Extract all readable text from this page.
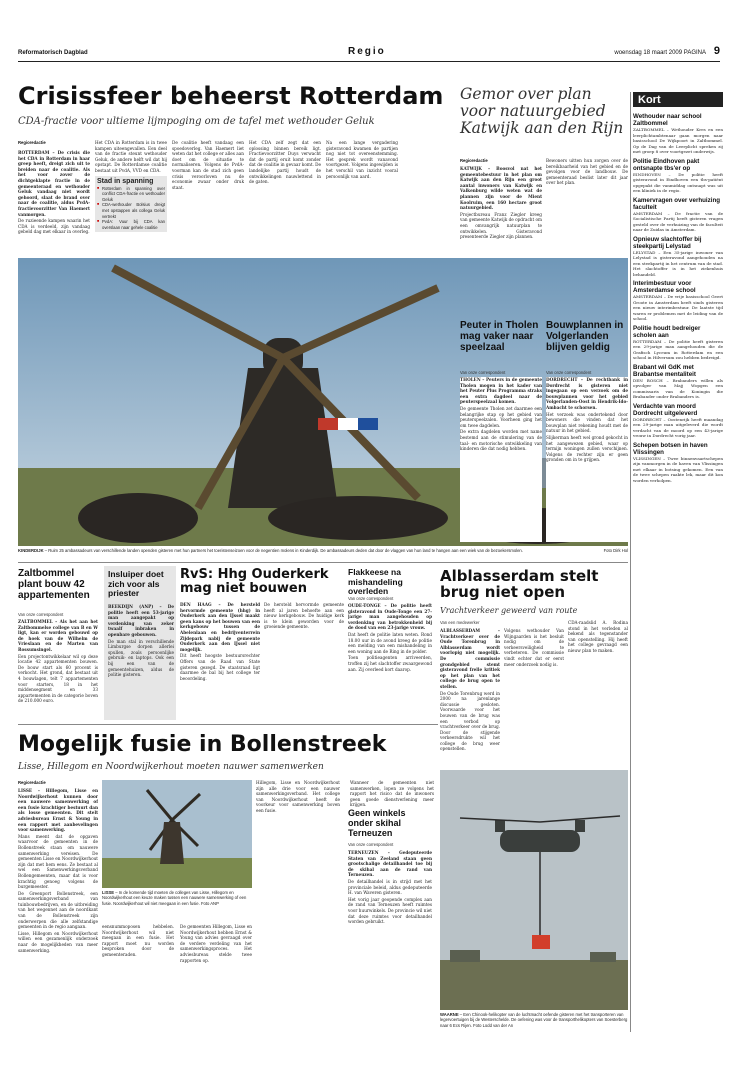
Reformatorisch Dagblad	Regio	woensdag 18 maart 2009 PAGINA 9
Crisissfeer beheerst Rotterdam
CDA-fractie voor ultieme lijmpoging om de tafel met wethouder Geluk
Regioredactie

ROTTERDAM – De crisis die het CDA in Rotterdam in haar greep heeft, dreigt zich uit te breiden naar de coalitie. Als het voor zover de dichtgeklapte fractie in de gemeenteraad en wethouder Geluk vandaag niet wordt gehoord, slaat de brand over naar de coalitie, aldus PvdA-fractievoorzitter Van Haemert vanmorgen.

De ruzieende kampen waarin het CDA is verdeeld, zijn vandaag gebeld dag met elkaar in overleg.

Het CDA in Rotterdam is in twee kampen uiteengevallen. Een deel van de fractie steunt wethouder Geluk, de andere helft wil dat hij opstapt. De Rotterdamse coalitie bestaat uit PvdA, VVD en CDA.

Stad in spanning
■ Rotterdam in spanning over conflict CDA-fractie en wethouder Geluk
■ CDA-wethouder Bolsius dreigt met opstappen als collega Geluk vertrekt
■ PvdA: Vuur bij CDA kan overslaan naar gehele coalitie

De coalitie heeft vandaag een spoedoverleg. Van Haemert liet weten dat het college er alles aan doet om de situatie te normaliseren. Volgens de PvdA-voorman kan de stad zich geen crisis veroorloven nu de economie zwaar onder druk staat.

Het CDA zelf zegt dat een oplossing binnen bereik ligt. Fractievoorzitter Duys verwacht dat de partij eruit komt zonder dat de coalitie in gevaar komt. De landelijke partij houdt de ontwikkelingen nauwlettend in de gaten.

Na een lange vergadering gisteravond kwamen de partijen nog niet tot overeenstemming. Het gesprek wordt vanavond voortgezet. Volgens ingewijden is het verschil van inzicht vooral persoonlijk van aard.

Gemor over plan voor natuurgebied Katwijk aan den Rijn
Regioredactie

KATWIJK – Boosvol nat het gemeentebestuur in het plan om Katwijk aan den Rijn een groot aantal inwoners van Katwijk en Valkenburg wilde weten wat de plannen zijn voor de Mient Koolruim, een 160 hectare groot natuurgebied.

Projectbureau Franz Ziegler kreeg van gemeente Katwijk de opdracht om een omvangrijk natuurplan te ontwikkelen. Gisteravond presenteerde Ziegler zijn plannen.

Bewoners uitten hun zorgen over de bereikbaarheid van het gebied en de gevolgen voor de landbouw. De gemeenteraad beslist later dit jaar over het plan.

KINDERDIJK – Ruim 25 ambassadeurs van verschillende landen openden gisteren met hun partners het toeristenseizoen voor de negentien molens in Kinderdijk. De ambassadeurs deden dat door de vlaggen van hun land te hangen aan een wiek van de bezoekersmolen.	Foto Dirk Hol
Peuter in Tholen mag vaker naar speelzaal
Van onze correspondent

THOLEN – Peuters in de gemeente Tholen mogen in het kader van het Peuter Plus Programma straks een extra dagdeel naar de peuterspeelzaal komen.

De gemeente Tholen zet daarmee een belangrijke stap op het gebied van peuterspeelzalen. Voorheen ging het om twee dagdelen.

De extra dagdelen worden met name bestemd aan de stimulering van de taal- en motorische ontwikkeling van kinderen die dat nodig hebben.

Bouwplannen in Volgerlanden blijven geldig
Van onze correspondent

DORDRECHT – De rechtbank in Dordrecht is gisteren niet ingegaan op een verzoek om de bouwplannen voor het gebied Volgerlanden-Oost in Hendrik-Ido-Ambacht te schorsen.

Het verzoek was ondertekend door bewoners die vinden dat het bouwplan niet rekening houdt met de natuur in het gebied.

Slijkerman heeft wel grond gekocht in het aangewezen gebied, waar op termijn woningen zullen verschijnen. Volgens de rechter zijn er geen gronden om in te grijpen.

Kort
Wethouder naar school Zaltbommel

ZALTBOMMEL – Wethouder Kres en een leerplichtambtenaar gaan morgen naar basisschool De Wijkpoort in Zaltbommel. Op de Dag van de Leerplicht spreken zij met groep 8 over voortgezet onderwijs.

Politie Eindhoven pakt ontsnapte tbs'er op

EINDHOVEN – De politie heeft gisteravond in Eindhoven een tbs-patiënt opgepakt die vanmiddag ontsnapt was uit een kliniek in de regio.

Kamervragen over verhuizing faculteit

AMSTERDAM – De fractie van de Socialistische Partij heeft gisteren vragen gesteld over de verhuizing van de faculteit naar de Zuidas in Amsterdam.

Opnieuw slachtoffer bij steekpartij Lelystad

LELYSTAD – Een 35-jarige inwoner van Lelystad is gisteravond aangehouden na een steekpartij in het centrum van de stad. Het slachtoffer is in het ziekenhuis behandeld.

Interimbestuur voor Amsterdamse school

AMSTERDAM – De vrije basisschool Geert Groote in Amsterdam heeft sinds gisteren een nieuw interimbestuur. De laatste tijd waren er problemen met de leiding van de school.

Politie houdt bedreiger scholen aan

ROTTERDAM – De politie heeft gisteren een 29-jarige man aangehouden die de Grafisch Lyceum in Rotterdam en een school in Hilversum zou hebben bedreigd.

Brabant wil GdK met Brabantse mentaliteit

DEN BOSCH – Brabanders willen als opvolger van Majj Wopgen een commissaris van de Koningin die Brabander onder Brabanders is.

Verdachte van moord Dordrecht uitgeleverd

DORDRECHT – Oostenrijk heeft maandag een 29-jarige man uitgeleverd die wordt verdacht van de moord op een 43-jarige vrouw in Dordrecht vorig jaar.

Schepen botsen in haven Vlissingen

VLISSINGEN – Twee binnenvaartschepen zijn vanmorgen in de haven van Vlissingen met elkaar in botsing gekomen. Een van de twee schepen raakte lek, maar dit kon worden verholpen.

Zaltbommel plant bouw 42 appartementen
Van onze correspondent

ZALTBOMMEL – Als het aan het Zaltbommelse college van B en W ligt, kan er worden gebouwd op de hoek van de Wilhelm de Vrieslaan en de Marten van Rossumsingel.

Een projectontwikkelaar wil op deze locatie 42 appartementen bouwen. De bouw start als 60 procent is verkocht. Het grond, dat bestaat uit 4 bouwlagen, telt 7 appartementen voor starters, 18 in het middensegment en 33 appartementen in de categorie boven de 210.000 euro.

Insluiper doet zich voor als priester

BEEKDIJN (ANP) – De politie heeft een 53-jarige man aangepakt op verdenking van zeker twaalf inbraken in openbare gebouwen.

De man stal in verschillende Limburgse dorpen allerlei spullen, zoals persoonlijke gebruik- en laptops. Ook een bij een van de gemeentehuizen, aldus de politie gisteren.

RvS: Hhg Ouderkerk mag niet bouwen

DEN HAAG – De hersteld hervormde gemeente (hhg) in Ouderkerk aan den IJssel maakt geen kans op het bouwen van een kerkgebouw tussen de Abelenlaan en bedrijventerrein Zijdepark nabij de gemeente Ouderkerk aan den IJssel niet mogelijk.

Dit heeft hoogste bestuursrechter Offers van de Raad van State gisteren gezegd. De staatsraad ligt daarmee de bal bij het college ter beoordeling.

De hersteld hervormde gemeente heeft al jaren behoefte aan een nieuw kerkgebouw. De huidige kerk is te klein geworden voor de groeiende gemeente.

Flakkeese na mishandeling overleden
Van onze correspondent

OUDE-TONGE – De politie heeft gisteravond in Oude-Tonge een 27-jarige man aangehouden op verdenking van betrokkenheid bij de dood van een 23-jarige vrouw.

Dat heeft de politie laten weten. Rond 18.00 uur in de avond kreeg de politie een melding van een mishandeling in een woning aan de Ring in de polder.

Toen politieagenten arriveerden, troffen zij het slachtoffer zwaargewond aan. Zij overleed kort daarop.

Alblasserdam stelt brug niet open
Vrachtverkeer geweerd van route
Van een medewerker

ALBLASSERDAM – Vrachtverkeer over de Oude Torenbrug in Alblasserdam wordt voorlopig niet mogelijk. De commissie grondgebied stemt gisteravond frelle kritiek op het plan van het college de brug open te stellen.

De Oude Torenbrug werd in 2000 na jarenlange discussie gesloten. Voorwaarde voor het bouwen van de brug was een verbod op vrachtverkeer over de brug. Door de stijgende verkeersdrukte wil het college de brug weer openstellen.

Volgens wethouder Van Wijngaarden is het besluit nodig om de verkeersveiligheid te verbeteren. De commissie vindt echter dat er eerst meer onderzoek nodig is.

CDA-raadslid A. Rodina stond in het verleden al bekend als tegenstander van openstelling. Hij heeft het college gevraagd een nieuw plan te maken.

Mogelijk fusie in Bollenstreek
Lisse, Hillegom en Noordwijkerhout moeten nauwer samenwerken
Regioredactie

LISSE – Hillegom, Lisse en Noordwijkerhout kunnen door een nauwere samenwerking of een fusie krachtiger bestuurt dan als losse gemeenten. Dit stelt adviesbureau Ernst & Young in een rapport met aanbevelingen voor samenwerking.

Mans meent dat de opgaven waarvoor de gemeenten in de Bollenstreek staan om nauwere samenwerking vereisen. De gemeenten Lisse en Noordwijkerhout zijn dat met hem eens. Ze bestaat al wel een Samenwerkingsverband Bollengemeenten, maar dat is voor krachtig genoeg volgens de burgemeester.

De Greenport Bollenstreek, een samenwerkingsverband van tuinbouwbedrijven, en de uitbreiding van het wegennet aan de noordkant van de Bollenstreek zijn onderwerpen die alle zelfstandige gemeenten in de regio aangaan.

Lisse, Hillegom en Noordwijkerhout willen een gezamenlijk onderzoek naar de mogelijkheden van meer samenwerking.

Hillegom, Lisse en Noordwijkerhout zijn alle drie voor een nauwer samenwerkingsverband. Het college van Noordwijkerhout heeft de voorkeur voor samenwerking boven een fusie.

Wanneer de gemeenten niet samenwerken, lopen ze volgens het rapport het risico dat de inwoners geen goede dienstverlening meer krijgen.

LISSE – In de komende tijd moeten de colleges van Lisse, Hillegom en Noordwijkerhout een keuze maken tussen een nauwere samenwerking of een fusie. Noordwijkerhout wil niet meegaan in een fusie. Foto ANP

eensnummoposen hebbelen. Noordwijkerhout wil niet meegaan in een fusie. Het rapport moet nu worden besproken door de gemeenteraden.

De gemeenten Hillegom, Lisse en Noordwijkerhout hebben Ernst & Young van advies gevraagd over de verdere verdeling van het samenwerkingsproces. Het adviesbureau stelde twee rapporten op.

Geen winkels onder skihal Terneuzen
Van onze correspondent

TERNEUZEN – Gedeputeerde Staten van Zeeland staan geen grootschalige detailhandel toe bij de skihal aan de rand van Terneuzen.

De detailhandel is in strijd met het provinciale beleid, aldus gedeputeerde H. van Waveren gisteren.

Het vorig jaar geopende complex aan de rand van Terneuzen heeft ruimtes voor huurwinkels. De provincie wil niet dat deze ruimtes voor detailhandel worden gebruikt.

WAARNE – Een Chinook-helikopter van de luchtmacht oefende gisteren met het transporteren van legervoertuigen bij de Westerschelde. De oefening was voor de transporthelikopters van Soesterberg naar 6 Ecs Rijen. Foto Lodd van der An
